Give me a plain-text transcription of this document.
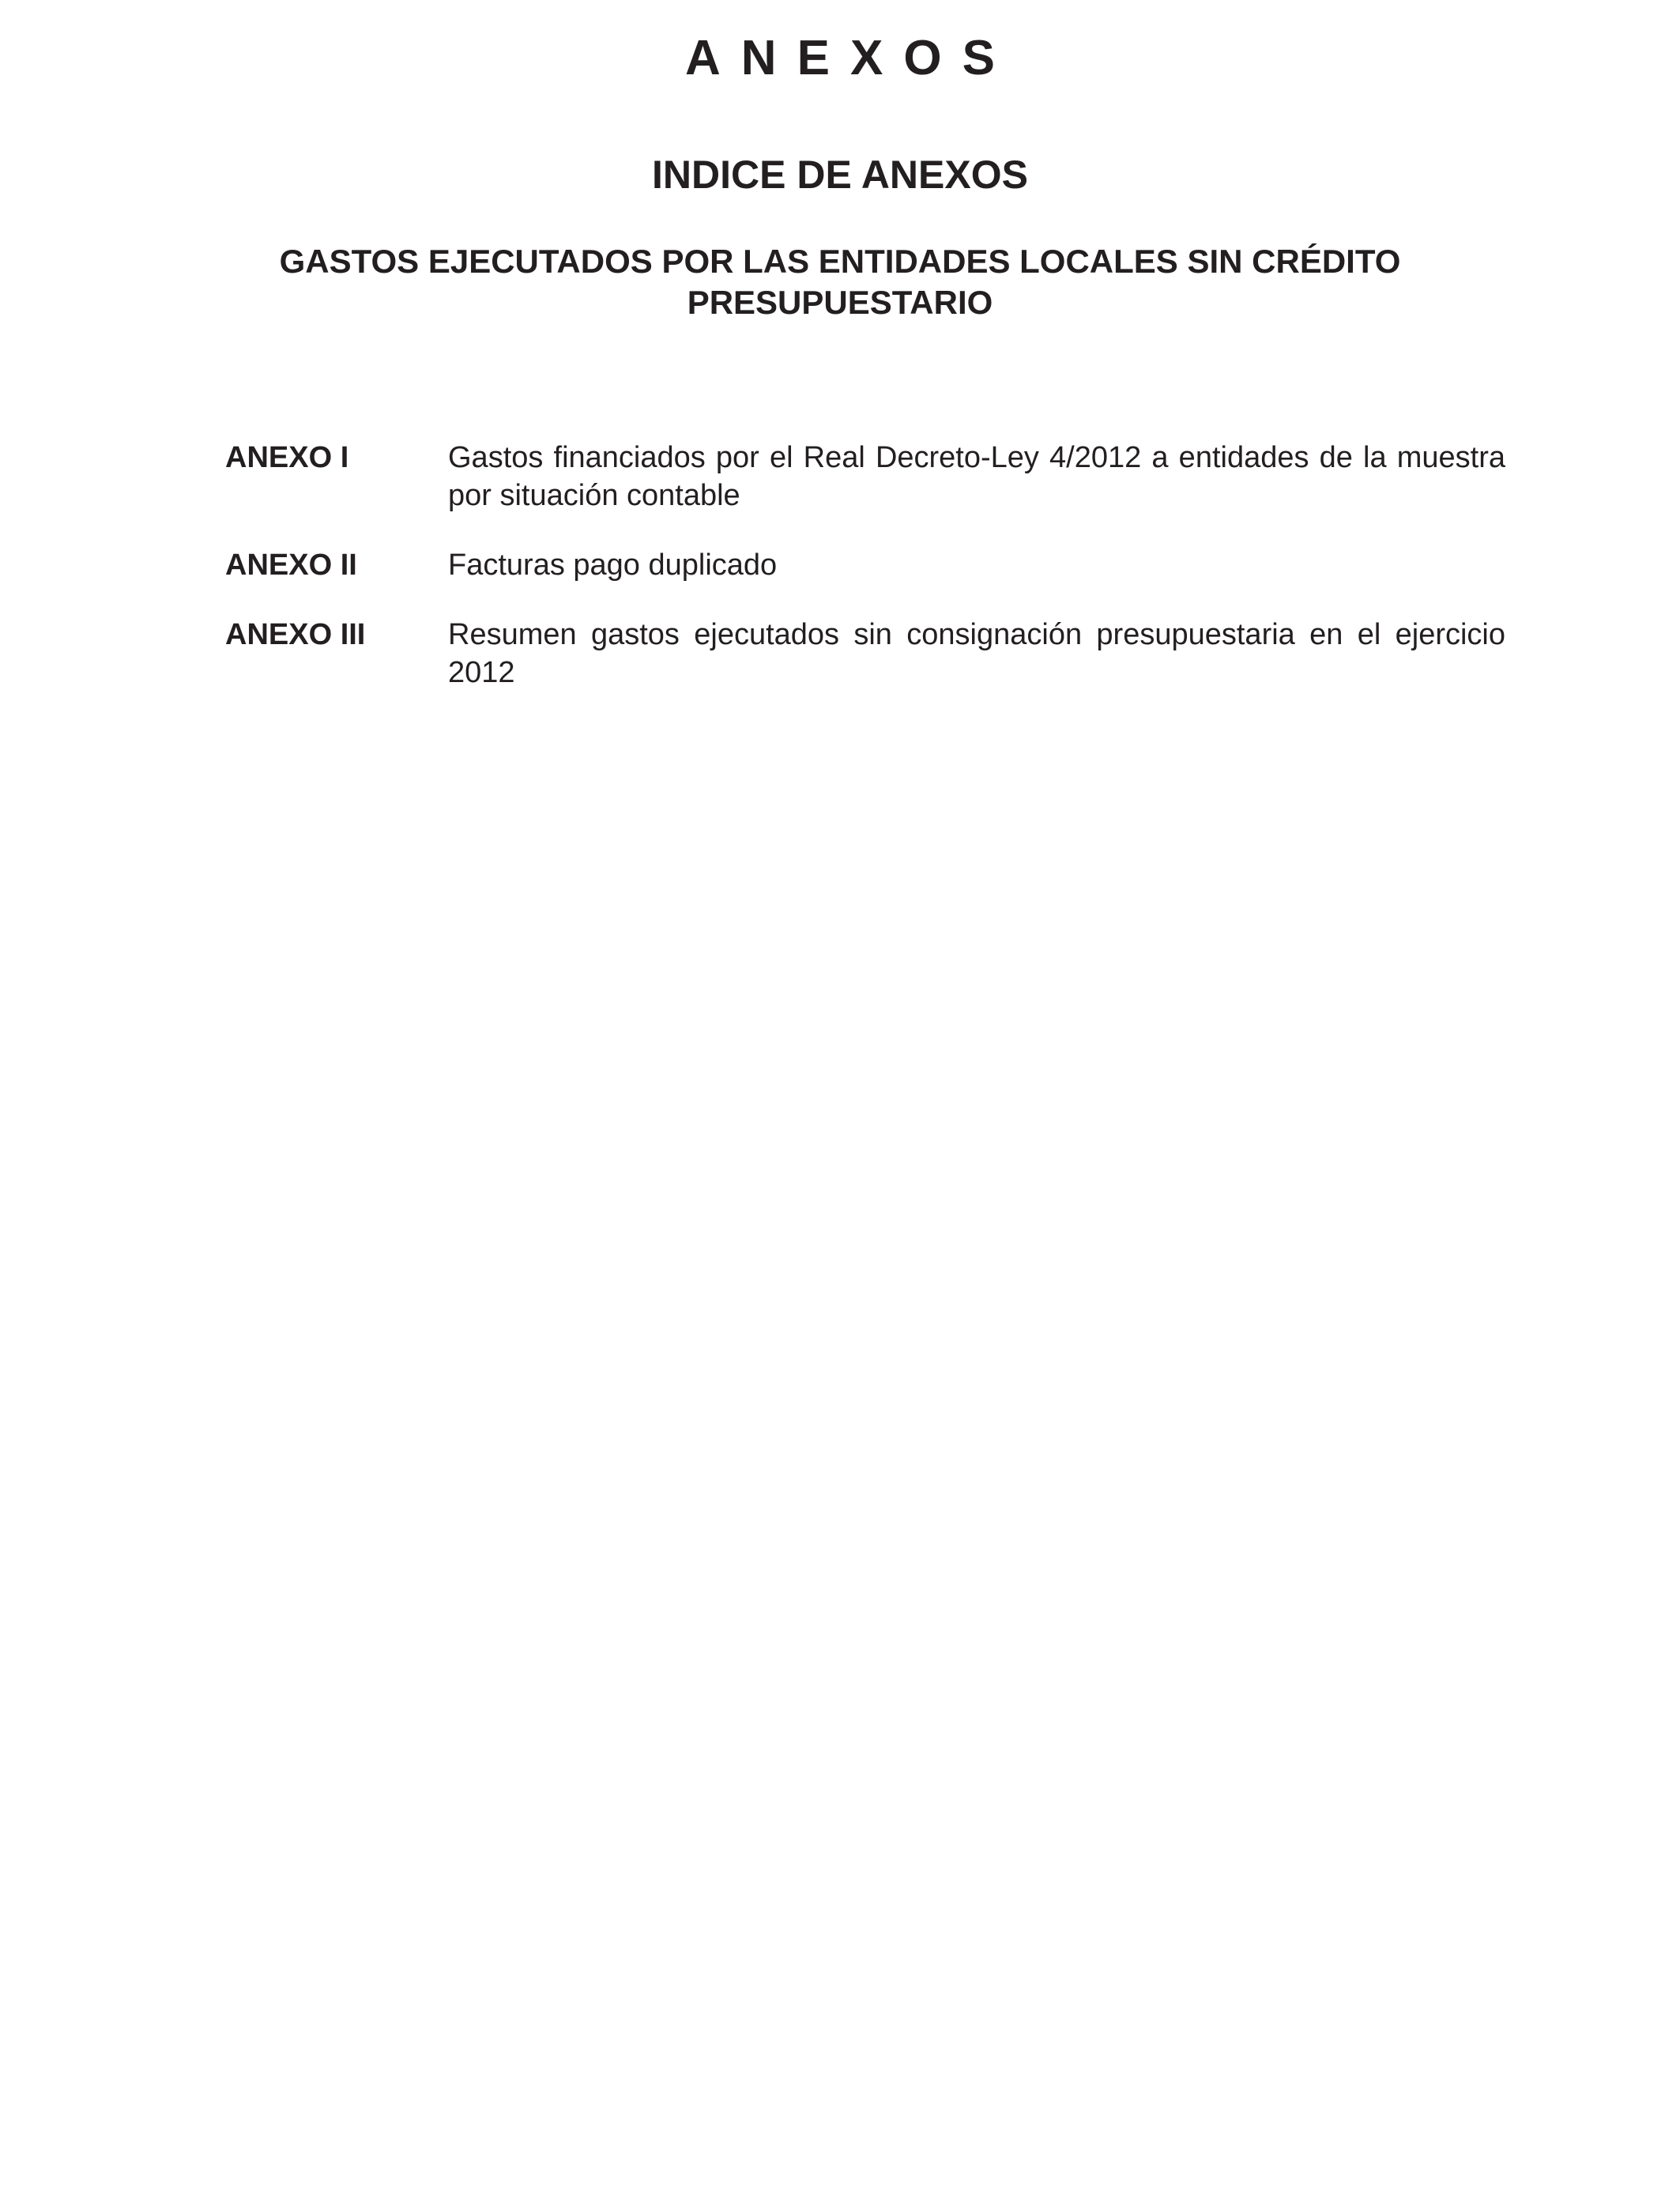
ANEXOS
INDICE DE ANEXOS
GASTOS EJECUTADOS POR LAS ENTIDADES LOCALES SIN CRÉDITO PRESUPUESTARIO
ANEXO I	Gastos financiados por el Real Decreto-Ley 4/2012 a entidades de la muestra por situación contable
ANEXO II	Facturas pago duplicado
ANEXO III	Resumen gastos ejecutados sin consignación presupuestaria en el ejercicio 2012
